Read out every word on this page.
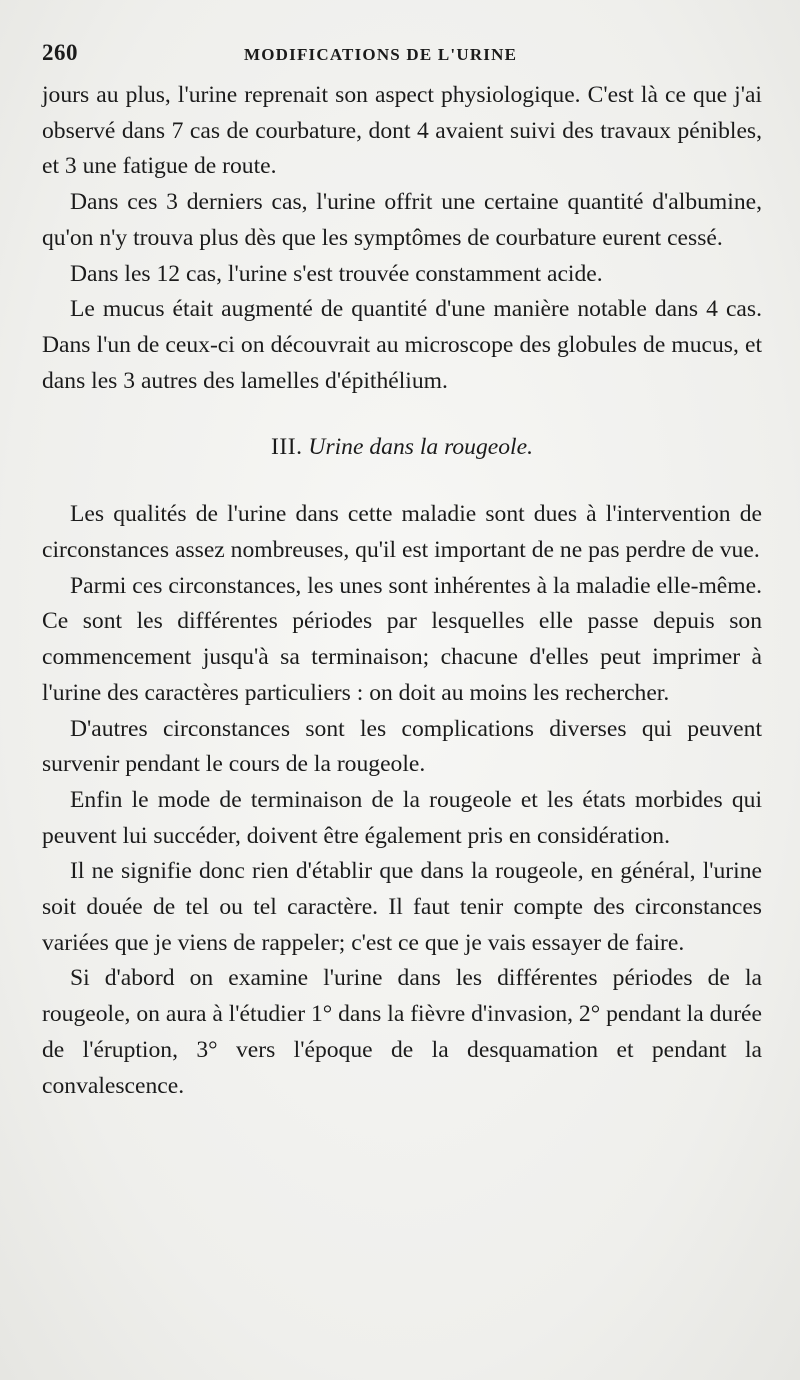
260	MODIFICATIONS DE L'URINE

jours au plus, l'urine reprenait son aspect physiologique. C'est là ce que j'ai observé dans 7 cas de courbature, dont 4 avaient suivi des travaux pénibles, et 3 une fatigue de route.

Dans ces 3 derniers cas, l'urine offrit une certaine quantité d'albumine, qu'on n'y trouva plus dès que les symptômes de courbature eurent cessé.

Dans les 12 cas, l'urine s'est trouvée constamment acide.

Le mucus était augmenté de quantité d'une manière notable dans 4 cas. Dans l'un de ceux-ci on découvrait au microscope des globules de mucus, et dans les 3 autres des lamelles d'épithélium.

III. Urine dans la rougeole.

Les qualités de l'urine dans cette maladie sont dues à l'intervention de circonstances assez nombreuses, qu'il est important de ne pas perdre de vue.

Parmi ces circonstances, les unes sont inhérentes à la maladie elle-même. Ce sont les différentes périodes par lesquelles elle passe depuis son commencement jusqu'à sa terminaison; chacune d'elles peut imprimer à l'urine des caractères particuliers : on doit au moins les rechercher.

D'autres circonstances sont les complications diverses qui peuvent survenir pendant le cours de la rougeole.

Enfin le mode de terminaison de la rougeole et les états morbides qui peuvent lui succéder, doivent être également pris en considération.

Il ne signifie donc rien d'établir que dans la rougeole, en général, l'urine soit douée de tel ou tel caractère. Il faut tenir compte des circonstances variées que je viens de rappeler; c'est ce que je vais essayer de faire.

Si d'abord on examine l'urine dans les différentes périodes de la rougeole, on aura à l'étudier 1° dans la fièvre d'invasion, 2° pendant la durée de l'éruption, 3° vers l'époque de la desquamation et pendant la convalescence.
